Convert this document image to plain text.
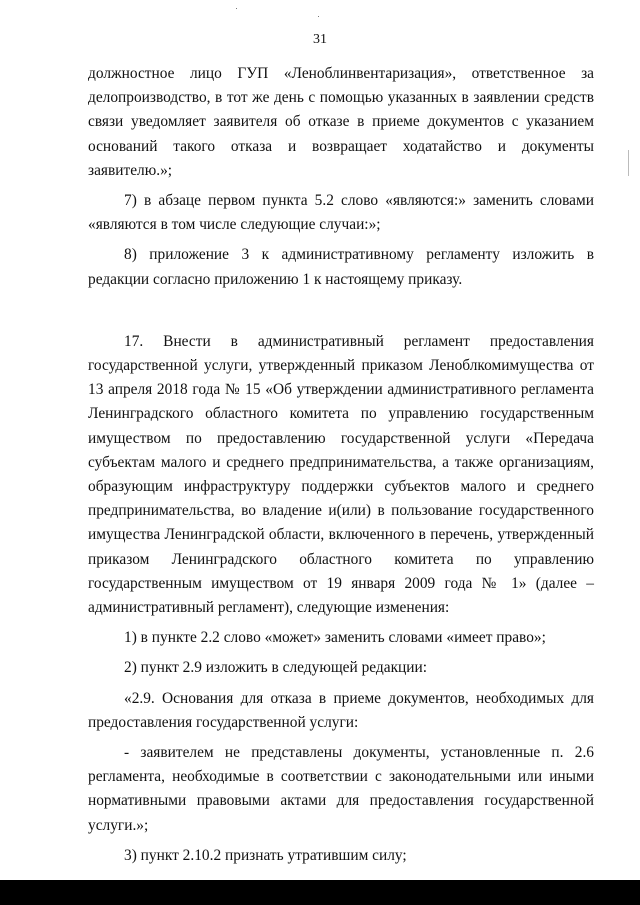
31

должностное лицо ГУП «Леноблинвентаризация», ответственное за делопроизводство, в тот же день с помощью указанных в заявлении средств связи уведомляет заявителя об отказе в приеме документов с указанием оснований такого отказа и возвращает ходатайство и документы заявителю.»;

7) в абзаце первом пункта 5.2 слово «являются:» заменить словами «являются в том числе следующие случаи:»;

8) приложение 3 к административному регламенту изложить в редакции согласно приложению 1 к настоящему приказу.

17. Внести в административный регламент предоставления государственной услуги, утвержденный приказом Леноблкомимущества от 13 апреля 2018 года № 15 «Об утверждении административного регламента Ленинградского областного комитета по управлению государственным имуществом по предоставлению государственной услуги «Передача субъектам малого и среднего предпринимательства, а также организациям, образующим инфраструктуру поддержки субъектов малого и среднего предпринимательства, во владение и(или) в пользование государственного имущества Ленинградской области, включенного в перечень, утвержденный приказом Ленинградского областного комитета по управлению государственным имуществом от 19 января 2009 года № 1» (далее – административный регламент), следующие изменения:

1) в пункте 2.2 слово «может» заменить словами «имеет право»;

2) пункт 2.9 изложить в следующей редакции:

«2.9. Основания для отказа в приеме документов, необходимых для предоставления государственной услуги:

- заявителем не представлены документы, установленные п. 2.6 регламента, необходимые в соответствии с законодательными или иными нормативными правовыми актами для предоставления государственной услуги.»;

3) пункт 2.10.2 признать утратившим силу;
